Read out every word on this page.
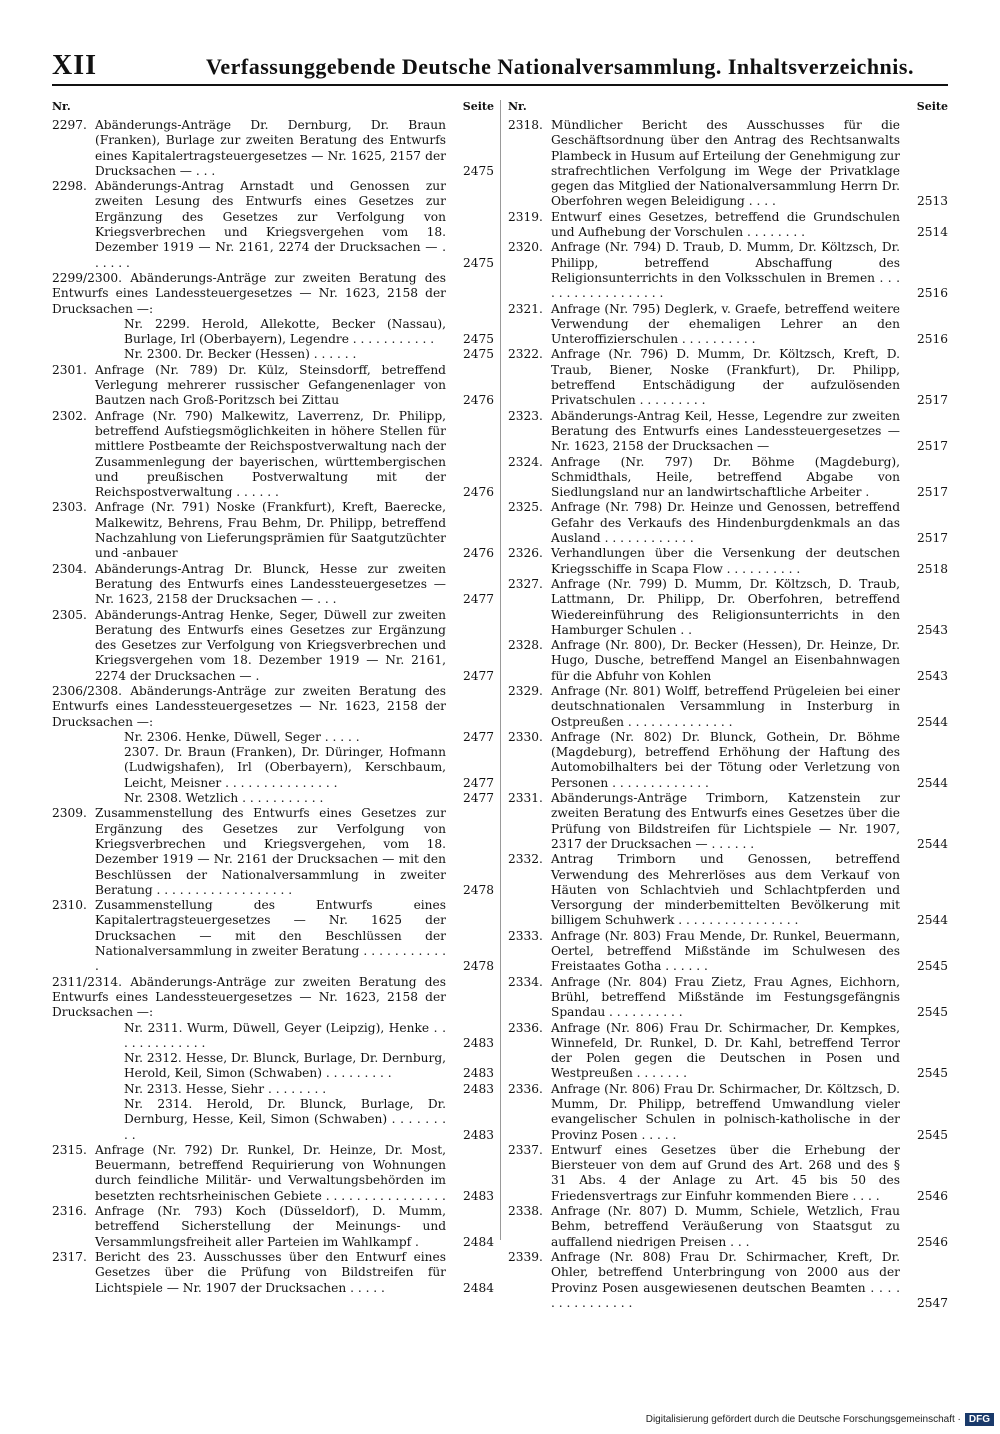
XII	Verfassunggebende Deutsche Nationalversammlung. Inhaltsverzeichnis.
Nr.	Seite
2297. Abänderungs-Anträge Dr. Dernburg, Dr. Braun (Franken), Burlage zur zweiten Beratung des Entwurfs eines Kapitalertragsteuergesetzes — Nr. 1625, 2157 der Drucksachen — . . .	2475
2298. Abänderungs-Antrag Arnstadt und Genossen zur zweiten Lesung des Entwurfs eines Gesetzes zur Ergänzung des Gesetzes zur Verfolgung von Kriegsverbrechen und Kriegsvergehen vom 18. Dezember 1919 — Nr. 2161, 2274 der Drucksachen — . . . . . .	2475
2299/2300. Abänderungs-Anträge zur zweiten Beratung des Entwurfs eines Landessteuergesetzes — Nr. 1623, 2158 der Drucksachen —:
Nr. 2299. Herold, Allekotte, Becker (Nassau), Burlage, Irl (Oberbayern), Legendre . . . . . . . . . . . 2475
Nr. 2300. Dr. Becker (Hessen) . . . . . .	2475
2301. Anfrage (Nr. 789) Dr. Külz, Steinsdorff, betreffend Verlegung mehrerer russischer Gefangenenlager von Bautzen nach Groß-Poritzsch bei Zittau	2476
2302. Anfrage (Nr. 790) Malkewitz, Laverrenz, Dr. Philipp, betreffend Aufstiegsmöglichkeiten in höhere Stellen für mittlere Postbeamte der Reichspostverwaltung nach der Zusammenlegung der bayerischen, württembergischen und preußischen Postverwaltung mit der Reichspostverwaltung . . . . . .	2476
2303. Anfrage (Nr. 791) Noske (Frankfurt), Kreft, Baerecke, Malkewitz, Behrens, Frau Behm, Dr. Philipp, betreffend Nachzahlung von Lieferungsprämien für Saatgutzüchter und -anbauer	2476
2304. Abänderungs-Antrag Dr. Blunck, Hesse zur zweiten Beratung des Entwurfs eines Landessteuergesetzes — Nr. 1623, 2158 der Drucksachen — . . .	2477
2305. Abänderungs-Antrag Henke, Seger, Düwell zur zweiten Beratung des Entwurfs eines Gesetzes zur Ergänzung des Gesetzes zur Verfolgung von Kriegsverbrechen und Kriegsvergehen vom 18. Dezember 1919 — Nr. 2161, 2274 der Drucksachen — .	2477
2306/2308. Abänderungs-Anträge zur zweiten Beratung des Entwurfs eines Landessteuergesetzes — Nr. 1623, 2158 der Drucksachen —:
Nr. 2306. Henke, Düwell, Seger . . . . .	2477
2307. Dr. Braun (Franken), Dr. Düringer, Hofmann (Ludwigshafen), Irl (Oberbayern), Kerschbaum, Leicht, Meisner . . . . . . . . . . . . . . .	2477
Nr. 2308. Wetzlich . . . . . . . . . . .	2477
2309. Zusammenstellung des Entwurfs eines Gesetzes zur Ergänzung des Gesetzes zur Verfolgung von Kriegsverbrechen und Kriegsvergehen, vom 18. Dezember 1919 — Nr. 2161 der Drucksachen — mit den Beschlüssen der Nationalversammlung in zweiter Beratung . . . . . . . . . . . . . . . . . .	2478
2310. Zusammenstellung des Entwurfs eines Kapitalertragsteuergesetzes — Nr. 1625 der Drucksachen — mit den Beschlüssen der Nationalversammlung in zweiter Beratung . . . . . . . . . . . .	2478
2311/2314. Abänderungs-Anträge zur zweiten Beratung des Entwurfs eines Landessteuergesetzes — Nr. 1623, 2158 der Drucksachen —:
Nr. 2311. Wurm, Düwell, Geyer (Leipzig), Henke . . . . . . . . . . . . .	2483
Nr. 2312. Hesse, Dr. Blunck, Burlage, Dr. Dernburg, Herold, Keil, Simon (Schwaben) . . . . . . . . .	2483
Nr. 2313. Hesse, Siehr . . . . . . . .	2483
Nr. 2314. Herold, Dr. Blunck, Burlage, Dr. Dernburg, Hesse, Keil, Simon (Schwaben) . . . . . . . . .	2483
2315. Anfrage (Nr. 792) Dr. Runkel, Dr. Heinze, Dr. Most, Beuermann, betreffend Requirierung von Wohnungen durch feindliche Militär- und Verwaltungsbehörden im besetzten rechtsrheinischen Gebiete . . . . . . . . . . . . . . . . 2483
2316. Anfrage (Nr. 793) Koch (Düsseldorf), D. Mumm, betreffend Sicherstellung der Meinungs- und Versammlungsfreiheit aller Parteien im Wahlkampf .	2484
2317. Bericht des 23. Ausschusses über den Entwurf eines Gesetzes über die Prüfung von Bildstreifen für Lichtspiele — Nr. 1907 der Drucksachen . . . . .	2484
Nr.	Seite
2318. Mündlicher Bericht des Ausschusses für die Geschäftsordnung über den Antrag des Rechtsanwalts Plambeck in Husum auf Erteilung der Genehmigung zur strafrechtlichen Verfolgung im Wege der Privatklage gegen das Mitglied der Nationalversammlung Herrn Dr. Oberfohren wegen Beleidigung . . . .	2513
2319. Entwurf eines Gesetzes, betreffend die Grundschulen und Aufhebung der Vorschulen . . . . . . . .	2514
2320. Anfrage (Nr. 794) D. Traub, D. Mumm, Dr. Költzsch, Dr. Philipp, betreffend Abschaffung des Religionsunterrichts in den Volksschulen in Bremen . . . . . . . . . . . . . . . . . .	2516
2321. Anfrage (Nr. 795) Deglerk, v. Graefe, betreffend weitere Verwendung der ehemaligen Lehrer an den Unteroffizierschulen . . . . . . . . . .	2516
2322. Anfrage (Nr. 796) D. Mumm, Dr. Költzsch, Kreft, D. Traub, Biener, Noske (Frankfurt), Dr. Philipp, betreffend Entschädigung der aufzulösenden Privatschulen . . . . . . . . .	2517
2323. Abänderungs-Antrag Keil, Hesse, Legendre zur zweiten Beratung des Entwurfs eines Landessteuergesetzes — Nr. 1623, 2158 der Drucksachen —	2517
2324. Anfrage (Nr. 797) Dr. Böhme (Magdeburg), Schmidthals, Heile, betreffend Abgabe von Siedlungsland nur an landwirtschaftliche Arbeiter .	2517
2325. Anfrage (Nr. 798) Dr. Heinze und Genossen, betreffend Gefahr des Verkaufs des Hindenburgdenkmals an das Ausland . . . . . . . . . . . .	2517
2326. Verhandlungen über die Versenkung der deutschen Kriegsschiffe in Scapa Flow . . . . . . . . . .	2518
2327. Anfrage (Nr. 799) D. Mumm, Dr. Költzsch, D. Traub, Lattmann, Dr. Philipp, Dr. Oberfohren, betreffend Wiedereinführung des Religionsunterrichts in den Hamburger Schulen . .	2543
2328. Anfrage (Nr. 800), Dr. Becker (Hessen), Dr. Heinze, Dr. Hugo, Dusche, betreffend Mangel an Eisenbahnwagen für die Abfuhr von Kohlen	2543
2329. Anfrage (Nr. 801) Wolff, betreffend Prügeleien bei einer deutschnationalen Versammlung in Insterburg in Ostpreußen . . . . . . . . . . . . . .	2544
2330. Anfrage (Nr. 802) Dr. Blunck, Gothein, Dr. Böhme (Magdeburg), betreffend Erhöhung der Haftung des Automobilhalters bei der Tötung oder Verletzung von Personen . . . . . . . . . . . . .	2544
2331. Abänderungs-Anträge Trimborn, Katzenstein zur zweiten Beratung des Entwurfs eines Gesetzes über die Prüfung von Bildstreifen für Lichtspiele — Nr. 1907, 2317 der Drucksachen — . . . . . .	2544
2332. Antrag Trimborn und Genossen, betreffend Verwendung des Mehrerlöses aus dem Verkauf von Häuten von Schlachtvieh und Schlachtpferden und Versorgung der minderbemittelten Bevölkerung mit billigem Schuhwerk . . . . . . . . . . . . . . . .	2544
2333. Anfrage (Nr. 803) Frau Mende, Dr. Runkel, Beuermann, Oertel, betreffend Mißstände im Schulwesen des Freistaates Gotha . . . . . .	2545
2334. Anfrage (Nr. 804) Frau Zietz, Frau Agnes, Eichhorn, Brühl, betreffend Mißstände im Festungsgefängnis Spandau . . . . . . . . . .	2545
2336. Anfrage (Nr. 806) Frau Dr. Schirmacher, Dr. Kempkes, Winnefeld, Dr. Runkel, D. Dr. Kahl, betreffend Terror der Polen gegen die Deutschen in Posen und Westpreußen . . . . . . .	2545
2336. Anfrage (Nr. 806) Frau Dr. Schirmacher, Dr. Költzsch, D. Mumm, Dr. Philipp, betreffend Umwandlung vieler evangelischer Schulen in polnisch-katholische in der Provinz Posen . . . . .	2545
2337. Entwurf eines Gesetzes über die Erhebung der Biersteuer von dem auf Grund des Art. 268 und des § 31 Abs. 4 der Anlage zu Art. 45 bis 50 des Friedensvertrags zur Einfuhr kommenden Biere . . . .	2546
2338. Anfrage (Nr. 807) D. Mumm, Schiele, Wetzlich, Frau Behm, betreffend Veräußerung von Staatsgut zu auffallend niedrigen Preisen . . .	2546
2339. Anfrage (Nr. 808) Frau Dr. Schirmacher, Kreft, Dr. Ohler, betreffend Unterbringung von 2000 aus der Provinz Posen ausgewiesenen deutschen Beamten . . . . . . . . . . . . . . .	2547
Digitalisierung gefördert durch die Deutsche Forschungsgemeinschaft · DFG
